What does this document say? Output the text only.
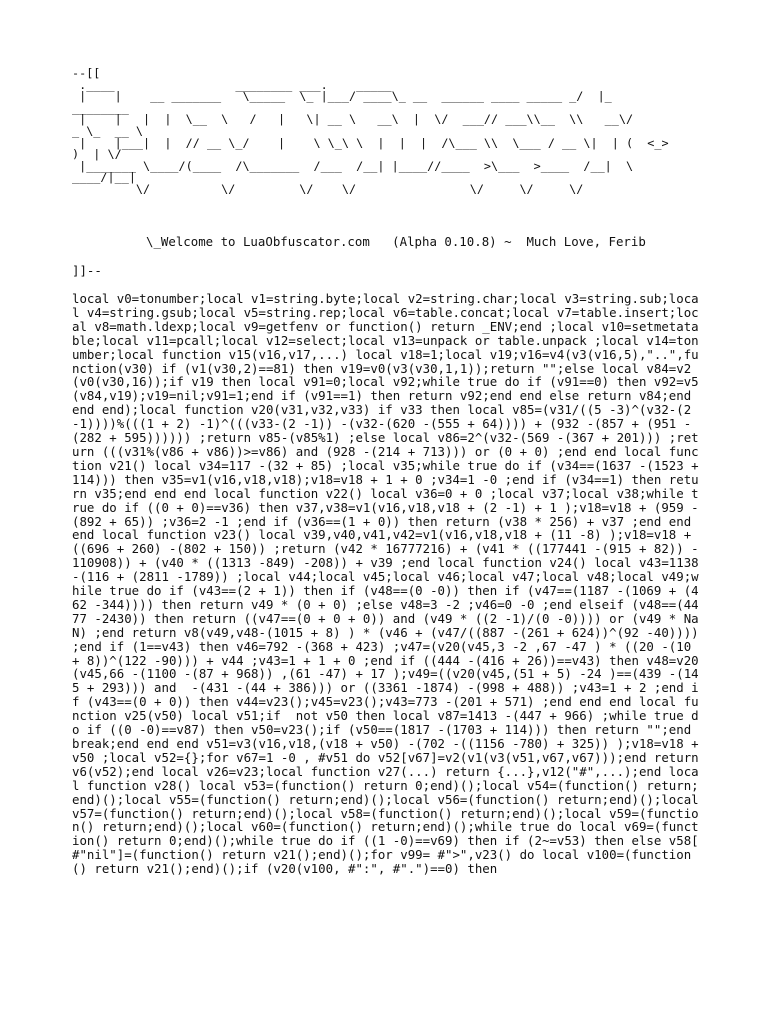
--[[
.____                 ________ ___.    _____
|    |    __ _______   \_____  \_ |___/ ____\_ __  ______ ____ _____ _/  |_
________
|    |   |  |  \__  \   /   |   \| __ \   __\  |  \/  ___// ___\\__  \\   __\/
_ \_  __ \
|    |___|  |  // __ \_/    |    \ \_\ \  |  |  |  /\___ \\  \___ / __ \|  | (  <_>
)  | \/
|_______ \____/(____  /\_______  /___  /__| |____//____  >\___  >____  /__|  \
____/|__|
\/          \/         \/    \/                \/     \/     \/
\_Welcome to LuaObfuscator.com   (Alpha 0.10.8) ~  Much Love, Ferib
]]--
local v0=tonumber;local v1=string.byte;local v2=string.char;local v3=string.sub;local v4=string.gsub;local v5=string.rep;local v6=table.concat;local v7=table.insert;local v8=math.ldexp;local v9=getfenv or function() return _ENV;end ;local v10=setmetatable;local v11=pcall;local v12=select;local v13=unpack or table.unpack ;local v14=tonumber;local function v15(v16,v17,...) local v18=1;local v19;v16=v4(v3(v16,5),"..",function(v30) if (v1(v30,2)==81) then v19=v0(v3(v30,1,1));return "";else local v84=v2(v0(v30,16));if v19 then local v91=0;local v92;while true do if (v91==0) then v92=v5(v84,v19);v19=nil;v91=1;end if (v91==1) then return v92;end end else return v84;end end end);local function v20(v31,v32,v33) if v33 then local v85=(v31/((5 -3)^(v32-(2 -1))))%(((1 + 2) -1)^(((v33-(2 -1)) -(v32-(620 -(555 + 64)))) + (932 -(857 + (951 -(282 + 595)))))) ;return v85-(v85%1) ;else local v86=2^(v32-(569 -(367 + 201))) ;return (((v31%(v86 + v86))>=v86) and (928 -(214 + 713))) or (0 + 0) ;end end local function v21() local v34=117 -(32 + 85) ;local v35;while true do if (v34==(1637 -(1523 + 114))) then v35=v1(v16,v18,v18);v18=v18 + 1 + 0 ;v34=1 -0 ;end if (v34==1) then return v35;end end end local function v22() local v36=0 + 0 ;local v37;local v38;while true do if ((0 + 0)==v36) then v37,v38=v1(v16,v18,v18 + (2 -1) + 1 );v18=v18 + (959 -(892 + 65)) ;v36=2 -1 ;end if (v36==(1 + 0)) then return (v38 * 256) + v37 ;end end end local function v23() local v39,v40,v41,v42=v1(v16,v18,v18 + (11 -8) );v18=v18 + ((696 + 260) -(802 + 150)) ;return (v42 * 16777216) + (v41 * ((177441 -(915 + 82)) -110908)) + (v40 * ((1313 -849) -208)) + v39 ;end local function v24() local v43=1138 -(116 + (2811 -1789)) ;local v44;local v45;local v46;local v47;local v48;local v49;while true do if (v43==(2 + 1)) then if (v48==(0 -0)) then if (v47==(1187 -(1069 + (462 -344)))) then return v49 * (0 + 0) ;else v48=3 -2 ;v46=0 -0 ;end elseif (v48==(4477 -2430)) then return ((v47==(0 + 0 + 0)) and (v49 * ((2 -1)/(0 -0)))) or (v49 * NaN) ;end return v8(v49,v48-(1015 + 8) ) * (v46 + (v47/((887 -(261 + 624))^(92 -40)))) ;end if (1==v43) then v46=792 -(368 + 423) ;v47=(v20(v45,3 -2 ,67 -47 ) * ((20 -(10 + 8))^(122 -90))) + v44 ;v43=1 + 1 + 0 ;end if ((444 -(416 + 26))==v43) then v48=v20(v45,66 -(1100 -(87 + 968)) ,(61 -47) + 17 );v49=((v20(v45,(51 + 5) -24 )==(439 -(145 + 293))) and  -(431 -(44 + 386))) or ((3361 -1874) -(998 + 488)) ;v43=1 + 2 ;end if (v43==(0 + 0)) then v44=v23();v45=v23();v43=773 -(201 + 571) ;end end end local function v25(v50) local v51;if  not v50 then local v87=1413 -(447 + 966) ;while true do if ((0 -0)==v87) then v50=v23();if (v50==(1817 -(1703 + 114))) then return "";end break;end end end v51=v3(v16,v18,(v18 + v50) -(702 -((1156 -780) + 325)) );v18=v18 + v50 ;local v52={};for v67=1 -0 , #v51 do v52[v67]=v2(v1(v3(v51,v67,v67)));end return v6(v52);end local v26=v23;local function v27(...) return {...},v12("#",...);end local function v28() local v53=(function() return 0;end)();local v54=(function() return;end)();local v55=(function() return;end)();local v56=(function() return;end)();local v57=(function() return;end)();local v58=(function() return;end)();local v59=(function() return;end)();local v60=(function() return;end)();while true do local v69=(function() return 0;end)();while true do if ((1 -0)==v69) then if (2~=v53) then else v58[ #"nil"]=(function() return v21();end)();for v99= #">",v23() do local v100=(function() return v21();end)();if (v20(v100, #":", #".")==0) then
